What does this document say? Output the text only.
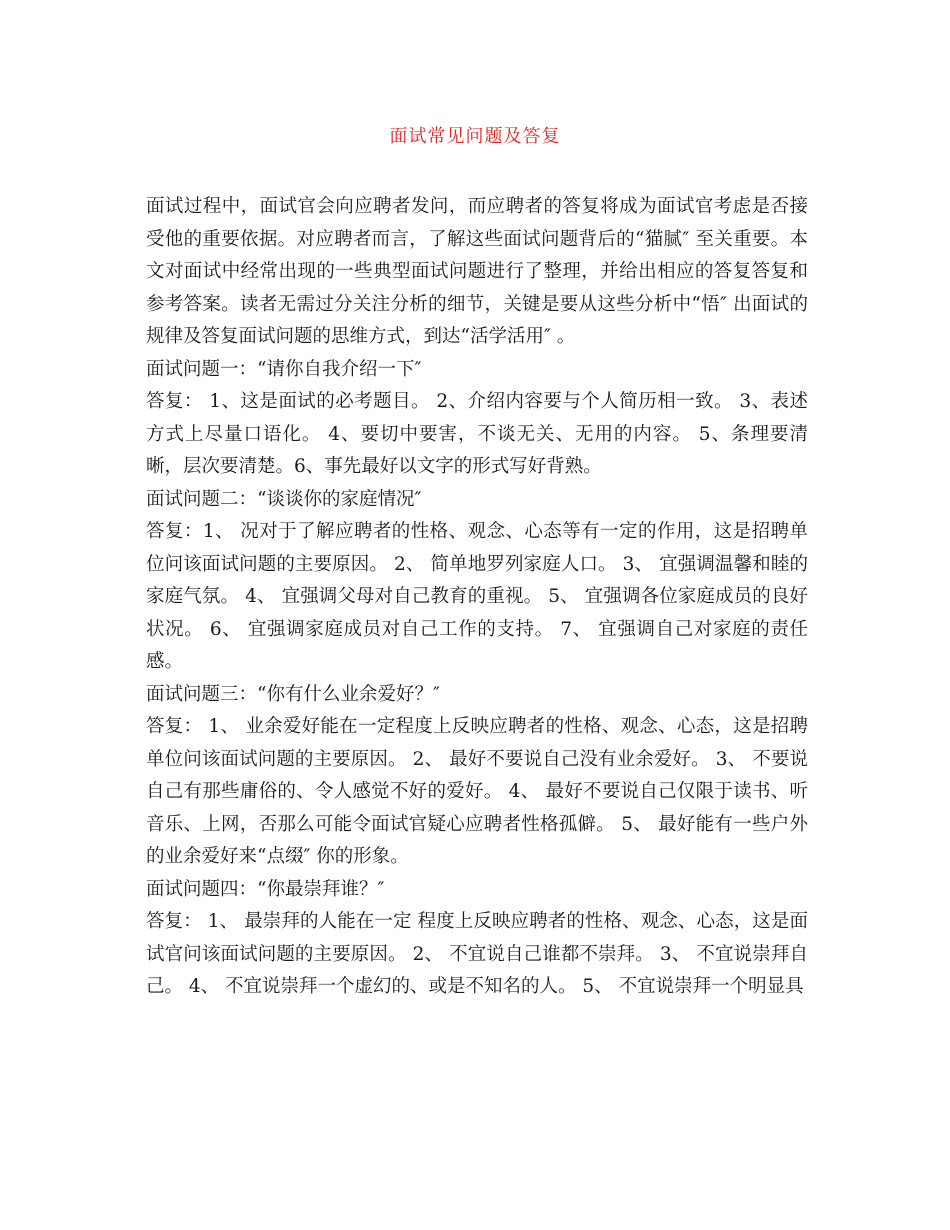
面试常见问题及答复

面试过程中，面试官会向应聘者发问，而应聘者的答复将成为面试官考虑是否接受他的重要依据。对应聘者而言，了解这些面试问题背后的“猫腻″ 至关重要。本文对面试中经常出现的一些典型面试问题进行了整理，并给出相应的答复答复和参考答案。读者无需过分关注分析的细节，关键是要从这些分析中“悟″ 出面试的规律及答复面试问题的思维方式，到达“活学活用″ 。

面试问题一：“请你自我介绍一下″

答复： 1、这是面试的必考题目。 2、介绍内容要与个人简历相一致。 3、表述方式上尽量口语化。 4、要切中要害，不谈无关、无用的内容。 5、条理要清晰，层次要清楚。6、事先最好以文字的形式写好背熟。

面试问题二：“谈谈你的家庭情况″

答复：1、 况对于了解应聘者的性格、观念、心态等有一定的作用，这是招聘单位问该面试问题的主要原因。 2、 简单地罗列家庭人口。 3、 宜强调温馨和睦的家庭气氛。 4、 宜强调父母对自己教育的重视。 5、 宜强调各位家庭成员的良好状况。 6、 宜强调家庭成员对自己工作的支持。 7、 宜强调自己对家庭的责任感。

面试问题三：“你有什么业余爱好？″

答复： 1、 业余爱好能在一定程度上反映应聘者的性格、观念、心态，这是招聘单位问该面试问题的主要原因。 2、 最好不要说自己没有业余爱好。 3、 不要说自己有那些庸俗的、令人感觉不好的爱好。 4、 最好不要说自己仅限于读书、听音乐、上网，否那么可能令面试官疑心应聘者性格孤僻。 5、 最好能有一些户外的业余爱好来“点缀″ 你的形象。

面试问题四：“你最崇拜谁？″

答复： 1、 最崇拜的人能在一定 程度上反映应聘者的性格、观念、心态，这是面试官问该面试问题的主要原因。 2、 不宜说自己谁都不崇拜。 3、 不宜说崇拜自己。 4、 不宜说崇拜一个虚幻的、或是不知名的人。 5、 不宜说崇拜一个明显具
